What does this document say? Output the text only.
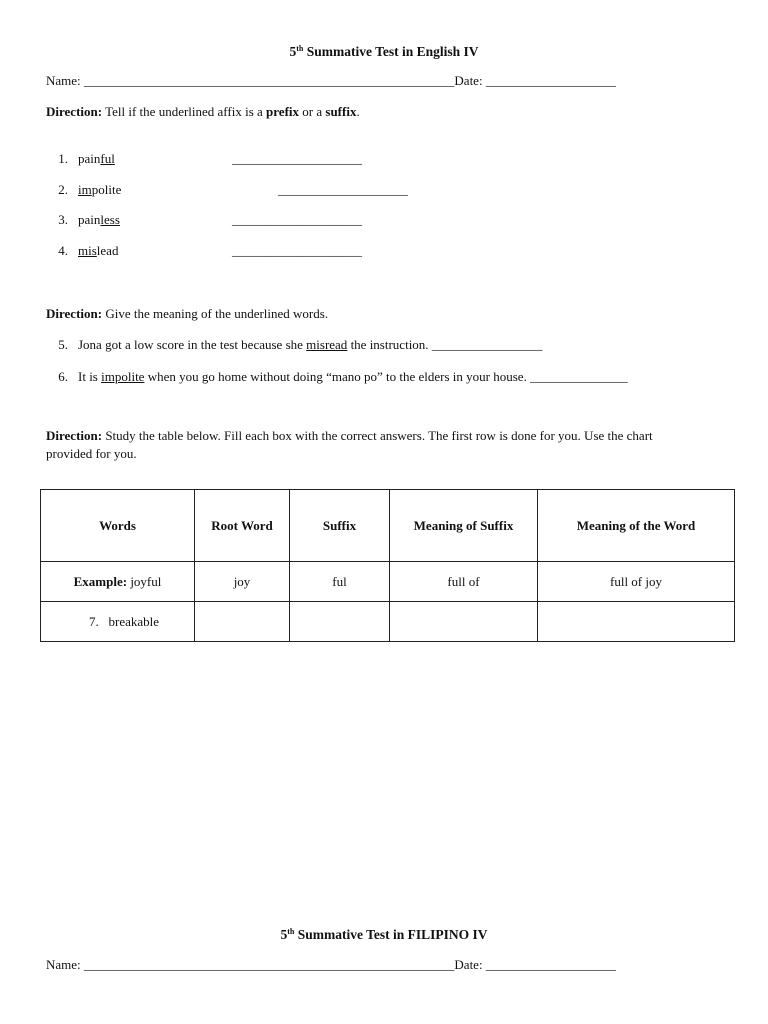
5th Summative Test in English IV
Name: _________________________________________________________Date: ____________________
Direction: Tell if the underlined affix is a prefix or a suffix.
1. painful	____________________
2. impolite	____________________
3. painless	____________________
4. mislead	____________________
Direction: Give the meaning of the underlined words.
5. Jona got a low score in the test because she misread the instruction. _________________
6. It is impolite when you go home without doing “mano po” to the elders in your house. _______________
Direction: Study the table below. Fill each box with the correct answers. The first row is done for you. Use the chart
provided for you.
Words	Root Word	Suffix	Meaning of Suffix	Meaning of the Word
Example: joyful	joy	ful	full of	full of joy
7. breakable				
5th Summative Test in FILIPINO IV
Name: _________________________________________________________Date: ____________________
